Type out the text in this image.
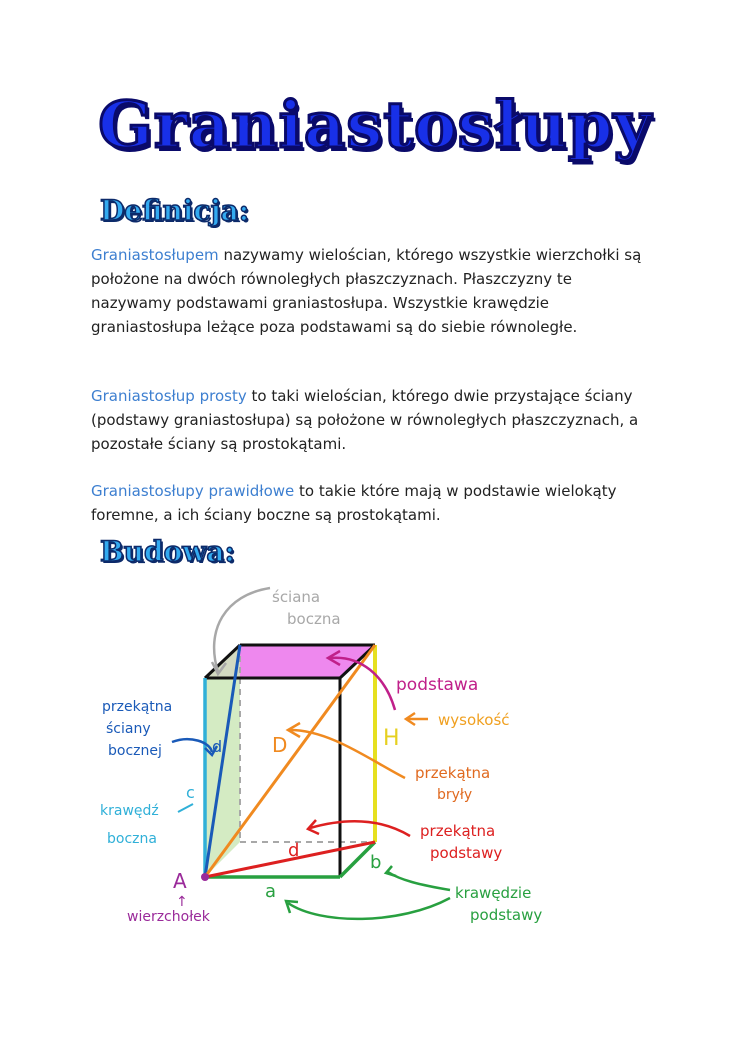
Graniastosłupy
Definicja:

Graniastosłupem nazywamy wielościan, którego wszystkie wierzchołki są położone na dwóch równoległych płaszczyznach. Płaszczyzny te nazywamy podstawami graniastosłupa. Wszystkie krawędzie graniastosłupa leżące poza podstawami są do siebie równoległe.

Graniastosłup prosty to taki wielościan, którego dwie przystające ściany (podstawy graniastosłupa) są położone w równoległych płaszczyznach, a pozostałe ściany są prostokątami.

Graniastosłupy prawidłowe to takie które mają w podstawie wielokąty foremne, a ich ściany boczne są prostokątami.

Budowa:
d D	H
c
d
b
a
A
↑
ściana
boczna
podstawa
wysokość
przekątna
bryły
przekątna
podstawy
krawędzie
podstawy
przekątna
ściany
bocznej
krawędź
boczna
wierzchołek
